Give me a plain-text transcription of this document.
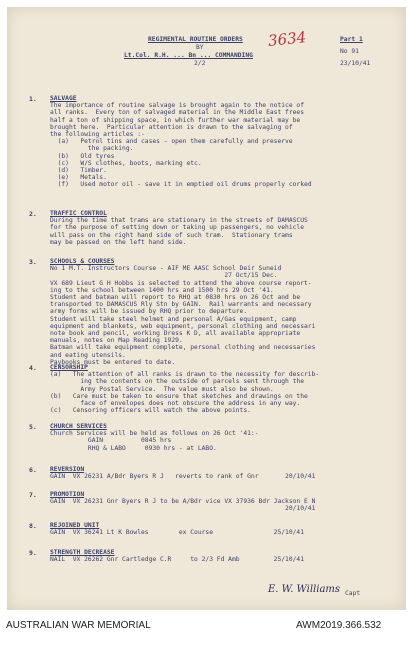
REGIMENTAL ROUTINE ORDERS
BY
Lt.Col. R.H. ... Bn ... COMMANDING
2/2
Part 1
No 91
23/10/41
3634
1. SALVAGE
The importance of routine salvage is brought again to the notice of
all ranks.  Every ton of salvaged material in the Middle East frees
half a ton of shipping space, in which further war material may be
brought here.  Particular attention is drawn to the salvaging of
the following articles :-
(a)   Petrol tins and cases - open them carefully and preserve
the packing.
(b)   Old tyres
(c)   W/S clothes, boots, marking etc.
(d)   Timber.
(e)   Metals.
(f)   Used motor oil - save it in emptied oil drums properly corked
2. TRAFFIC CONTROL
During the time that trams are stationary in the streets of DAMASCUS
for the purpose of setting down or taking up passengers, no vehicle
will pass on the right hand side of such tram.  Stationary trams
may be passed on the left hand side.
3. SCHOOLS & COURSES
No 1 M.T. Instructors Course - AIF ME AASC School Deir Suneid
27 Oct/15 Dec.
VX 689 Lieut G H Hobbs is selected to attend the above course report-
ing to the school between 1400 hrs and 1500 hrs 29 Oct '41.
Student and batman will report to RHQ at 0830 hrs on 26 Oct and be
transported to DAMASCUS Rly Stn by GAIN.  Rail warrants and necessary
army forms will be issued by RHQ prior to departure.
Student will take steel helmet and personal A/Gas equipment, camp
equipment and blankets, web equipment, personal clothing and necessari
note book and pencil, working Dress K D, all available appropriate
manuals, notes on Map Reading 1929.
Batman will take equipment complete, personal clothing and necessaries
and eating utensils.
Paybooks must be entered to date.
4. CENSORSHIP
(a)   The attention of all ranks is drawn to the necessity for describ-
ing the contents on the outside of parcels sent through the
Army Postal Service.  The value must also be shown.
(b)   Care must be taken to ensure that sketches and drawings on the
face of envelopes does not obscure the address in any way.
(c)   Censoring officers will watch the above points.
5. CHURCH SERVICES
Church Services will be held as follows on 26 Oct '41:-
GAIN          0845 hrs
RHQ & LABO     0930 hrs - at LABO.
6. REVERSION
GAIN  VX 26231 A/Bdr Byers R J   reverts to rank of Gnr       20/10/41
7. PROMOTION
GAIN  VX 26231 Gnr Byers R J to be A/Bdr vice VX 37936 Bdr Jackson E N
20/10/41
8. REJOINED UNIT
GAIN  VX 36241 Lt K Bowles        ex Course                25/10/41
9. STRENGTH DECREASE
NAIL  VX 26262 Gnr Cartledge C.R     to 2/3 Fd Amb         25/10/41
E. W. Williams Capt
AUSTRALIAN WAR MEMORIAL	AWM2019.366.532
